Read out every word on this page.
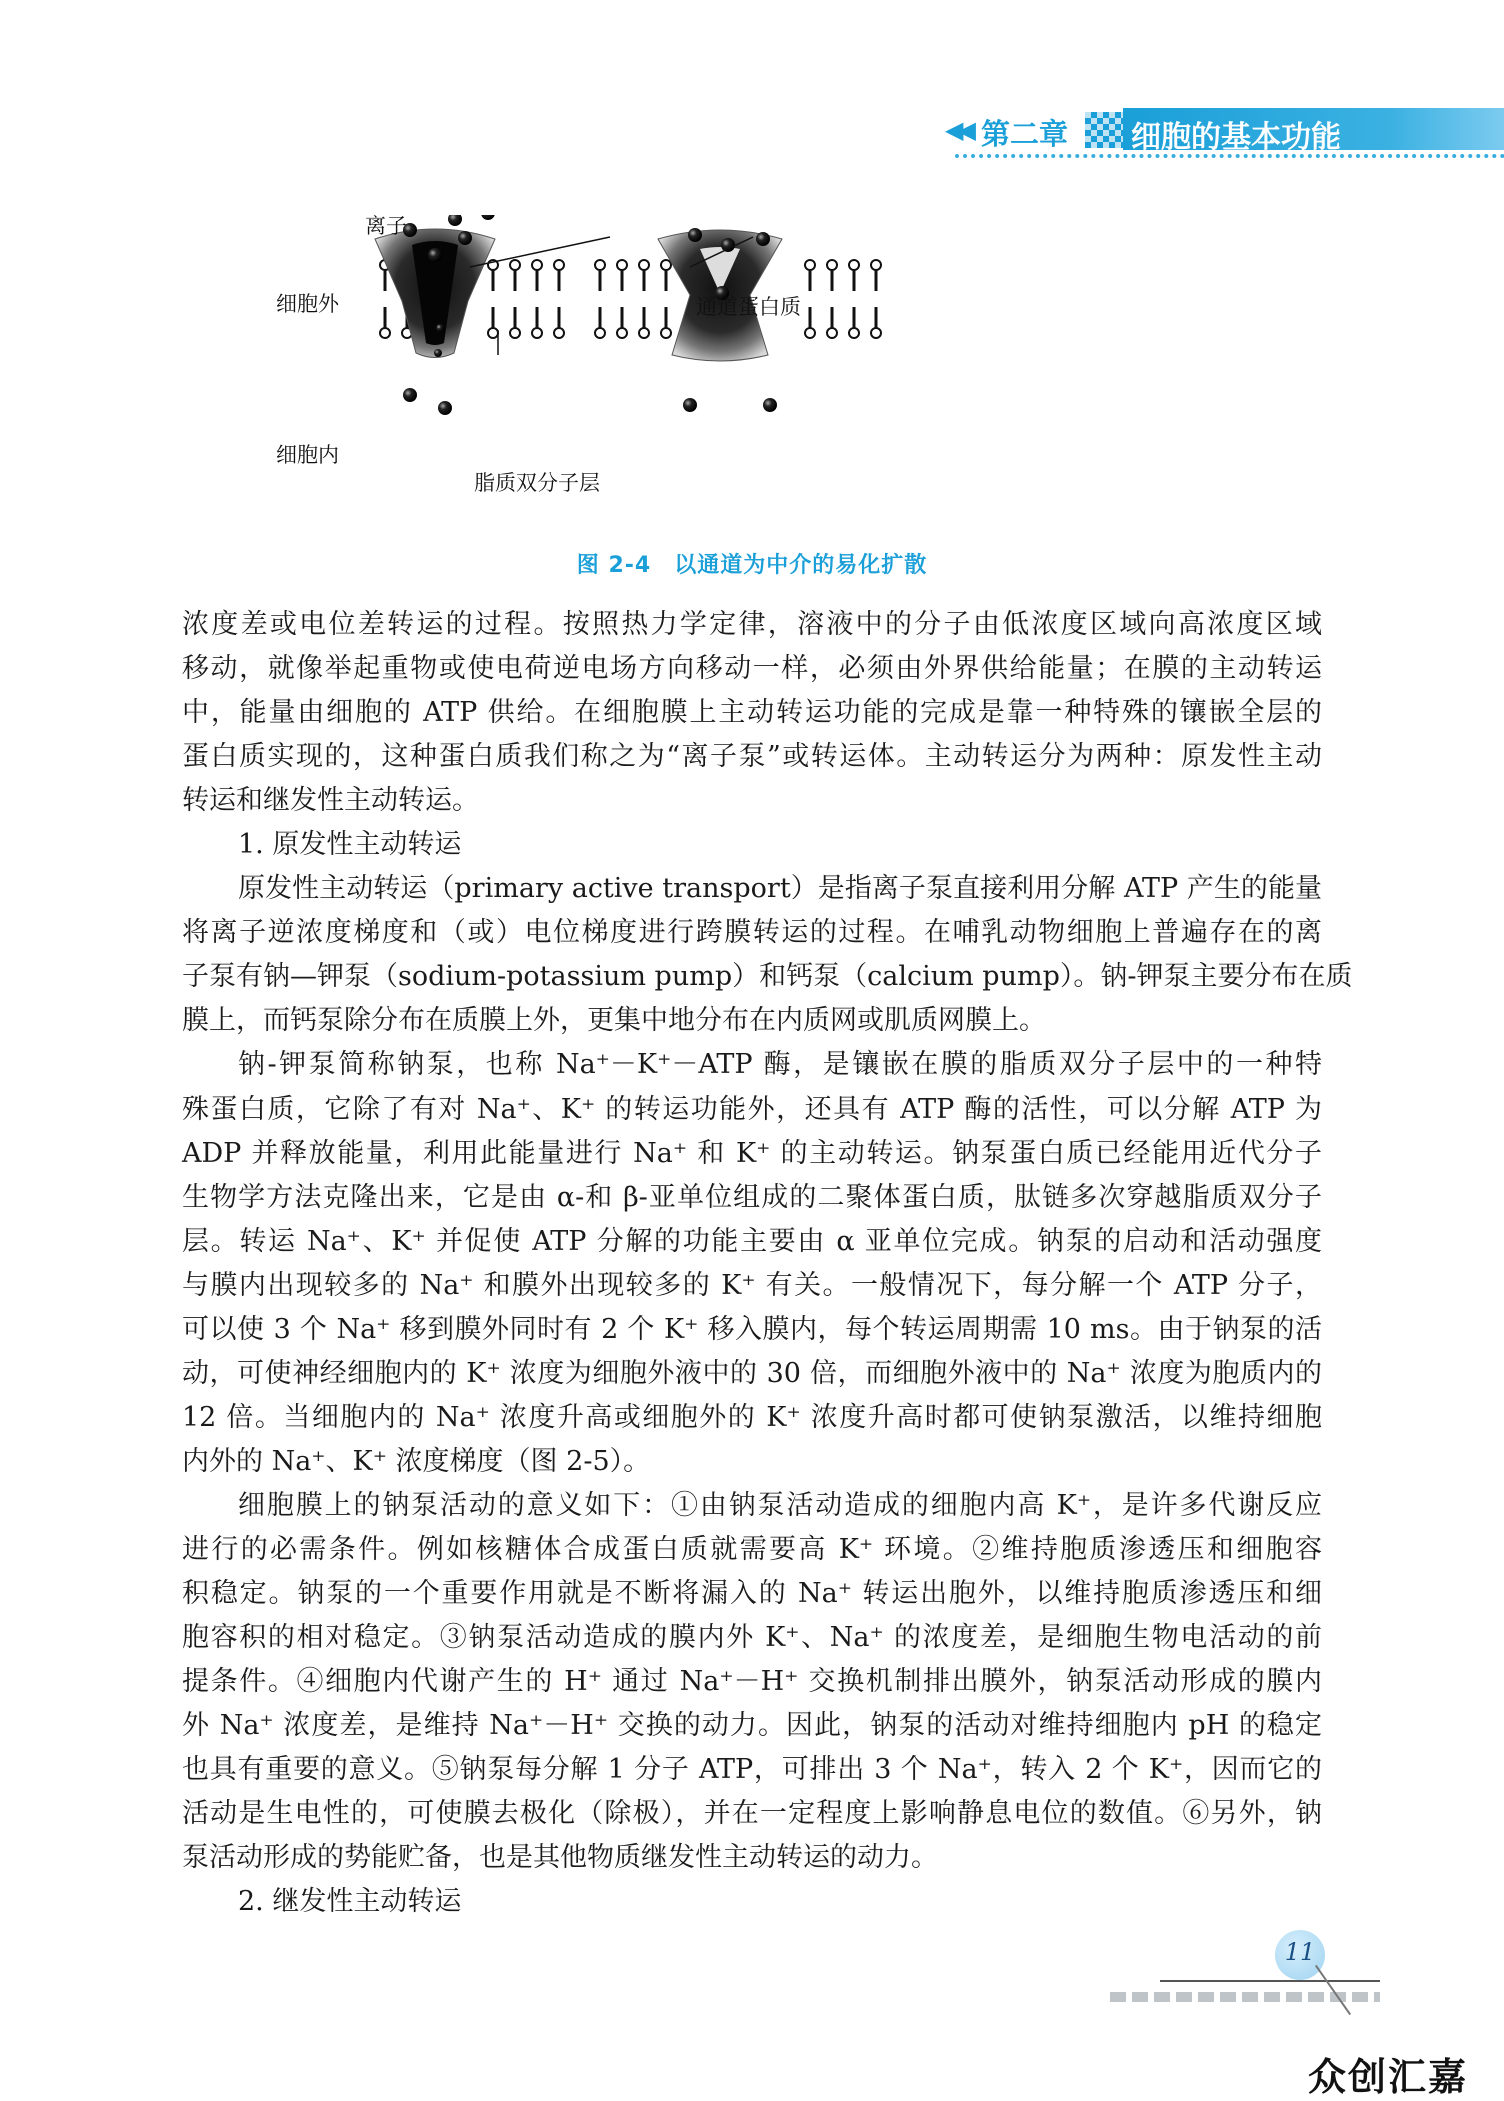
◀◀ 第二章 细胞的基本功能
离子
细胞外	通道蛋白质
细胞内
脂质双分子层
图 2-4　以通道为中介的易化扩散
浓度差或电位差转运的过程。按照热力学定律，溶液中的分子由低浓度区域向高浓度区域
移动，就像举起重物或使电荷逆电场方向移动一样，必须由外界供给能量；在膜的主动转运
中，能量由细胞的 ATP 供给。在细胞膜上主动转运功能的完成是靠一种特殊的镶嵌全层的
蛋白质实现的，这种蛋白质我们称之为“离子泵”或转运体。主动转运分为两种：原发性主动
转运和继发性主动转运。
1. 原发性主动转运
原发性主动转运（primary active transport）是指离子泵直接利用分解 ATP 产生的能量
将离子逆浓度梯度和（或）电位梯度进行跨膜转运的过程。在哺乳动物细胞上普遍存在的离
子泵有钠—钾泵（sodium-potassium pump）和钙泵（calcium pump）。钠-钾泵主要分布在质
膜上，而钙泵除分布在质膜上外，更集中地分布在内质网或肌质网膜上。
钠-钾泵简称钠泵，也称 Na⁺－K⁺－ATP 酶，是镶嵌在膜的脂质双分子层中的一种特
殊蛋白质，它除了有对 Na⁺、K⁺ 的转运功能外，还具有 ATP 酶的活性，可以分解 ATP 为
ADP 并释放能量，利用此能量进行 Na⁺ 和 K⁺ 的主动转运。钠泵蛋白质已经能用近代分子
生物学方法克隆出来，它是由 α-和 β-亚单位组成的二聚体蛋白质，肽链多次穿越脂质双分子
层。转运 Na⁺、K⁺ 并促使 ATP 分解的功能主要由 α 亚单位完成。钠泵的启动和活动强度
与膜内出现较多的 Na⁺ 和膜外出现较多的 K⁺ 有关。一般情况下，每分解一个 ATP 分子，
可以使 3 个 Na⁺ 移到膜外同时有 2 个 K⁺ 移入膜内，每个转运周期需 10 ms。由于钠泵的活
动，可使神经细胞内的 K⁺ 浓度为细胞外液中的 30 倍，而细胞外液中的 Na⁺ 浓度为胞质内的
12 倍。当细胞内的 Na⁺ 浓度升高或细胞外的 K⁺ 浓度升高时都可使钠泵激活，以维持细胞
内外的 Na⁺、K⁺ 浓度梯度（图 2-5）。
细胞膜上的钠泵活动的意义如下：①由钠泵活动造成的细胞内高 K⁺，是许多代谢反应
进行的必需条件。例如核糖体合成蛋白质就需要高 K⁺ 环境。②维持胞质渗透压和细胞容
积稳定。钠泵的一个重要作用就是不断将漏入的 Na⁺ 转运出胞外，以维持胞质渗透压和细
胞容积的相对稳定。③钠泵活动造成的膜内外 K⁺、Na⁺ 的浓度差，是细胞生物电活动的前
提条件。④细胞内代谢产生的 H⁺ 通过 Na⁺－H⁺ 交换机制排出膜外，钠泵活动形成的膜内
外 Na⁺ 浓度差，是维持 Na⁺－H⁺ 交换的动力。因此，钠泵的活动对维持细胞内 pH 的稳定
也具有重要的意义。⑤钠泵每分解 1 分子 ATP，可排出 3 个 Na⁺，转入 2 个 K⁺，因而它的
活动是生电性的，可使膜去极化（除极），并在一定程度上影响静息电位的数值。⑥另外，钠
泵活动形成的势能贮备，也是其他物质继发性主动转运的动力。
2. 继发性主动转运
11
众创汇嘉
